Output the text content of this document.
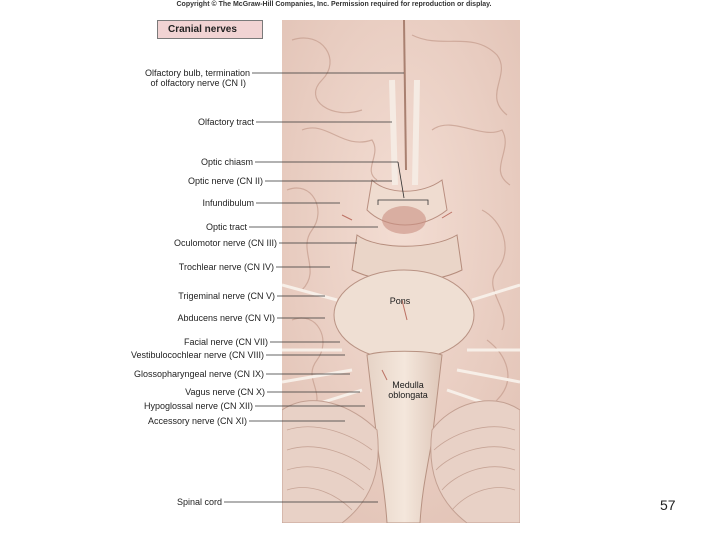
Copyright © The McGraw-Hill Companies, Inc. Permission required for reproduction or display.
Cranial nerves
Olfactory bulb, termination
of olfactory nerve (CN I)
Olfactory tract
Optic chiasm
Optic nerve (CN II)
Infundibulum
Optic tract
Oculomotor nerve (CN III)
Trochlear nerve (CN IV)
Trigeminal nerve (CN V)
Abducens nerve (CN VI)
Facial nerve (CN VII)
Vestibulocochlear nerve (CN VIII)
Glossopharyngeal nerve (CN IX)
Vagus nerve (CN X)
Hypoglossal nerve (CN XII)
Accessory nerve (CN XI)
Spinal cord
Pons
Medulla
oblongata
57
